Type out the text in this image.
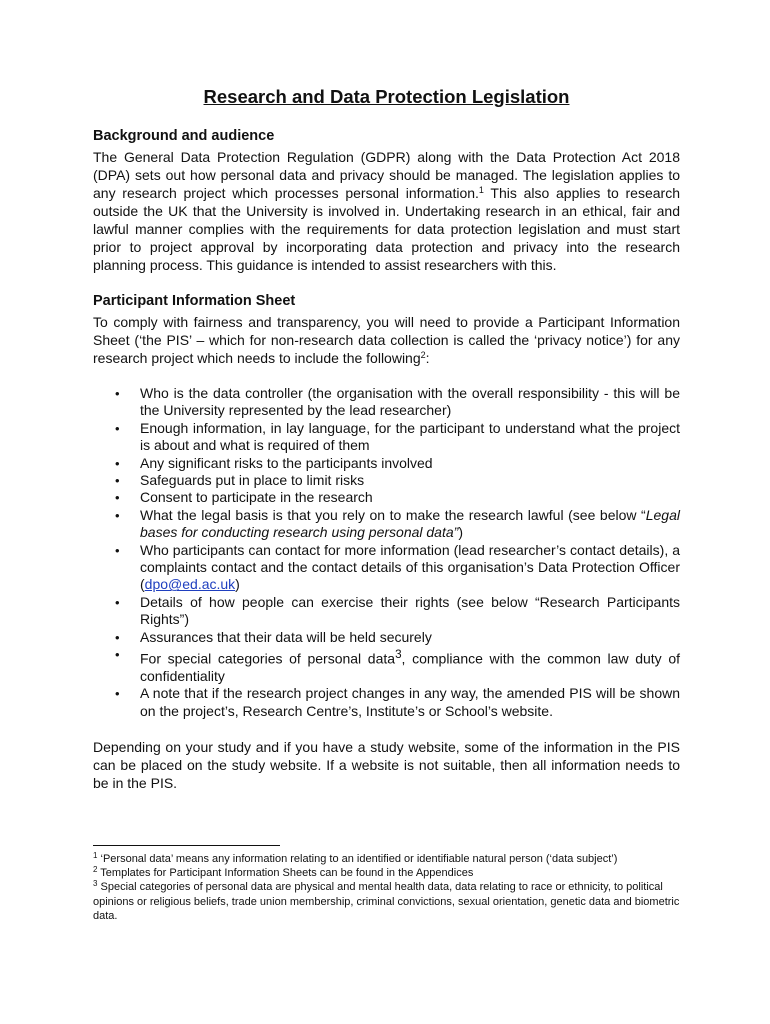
Research and Data Protection Legislation
Background and audience

The General Data Protection Regulation (GDPR) along with the Data Protection Act 2018 (DPA) sets out how personal data and privacy should be managed. The legislation applies to any research project which processes personal information.$^1$ This also applies to research outside the UK that the University is involved in. Undertaking research in an ethical, fair and lawful manner complies with the requirements for data protection legislation and must start prior to project approval by incorporating data protection and privacy into the research planning process. This guidance is intended to assist researchers with this.

Participant Information Sheet

To comply with fairness and transparency, you will need to provide a Participant Information Sheet (‘the PIS’ – which for non-research data collection is called the ‘privacy notice’) for any research project which needs to include the following$^2$:

• Who is the data controller (the organisation with the overall responsibility - this will be the University represented by the lead researcher)
• Enough information, in lay language, for the participant to understand what the project is about and what is required of them
• Any significant risks to the participants involved
• Safeguards put in place to limit risks
• Consent to participate in the research
• What the legal basis is that you rely on to make the research lawful (see below “Legal bases for conducting research using personal data”)
• Who participants can contact for more information (lead researcher’s contact details), a complaints contact and the contact details of this organisation’s Data Protection Officer (dpo@ed.ac.uk)
• Details of how people can exercise their rights (see below “Research Participants Rights”)
• Assurances that their data will be held securely
• For special categories of personal data$^3$, compliance with the common law duty of confidentiality
• A note that if the research project changes in any way, the amended PIS will be shown on the project’s, Research Centre’s, Institute’s or School’s website.

Depending on your study and if you have a study website, some of the information in the PIS can be placed on the study website. If a website is not suitable, then all information needs to be in the PIS.

$^1$ ‘Personal data’ means any information relating to an identified or identifiable natural person (‘data subject’)

$^2$ Templates for Participant Information Sheets can be found in the Appendices

$^3$ Special categories of personal data are physical and mental health data, data relating to race or ethnicity, to political opinions or religious beliefs, trade union membership, criminal convictions, sexual orientation, genetic data and biometric data.
